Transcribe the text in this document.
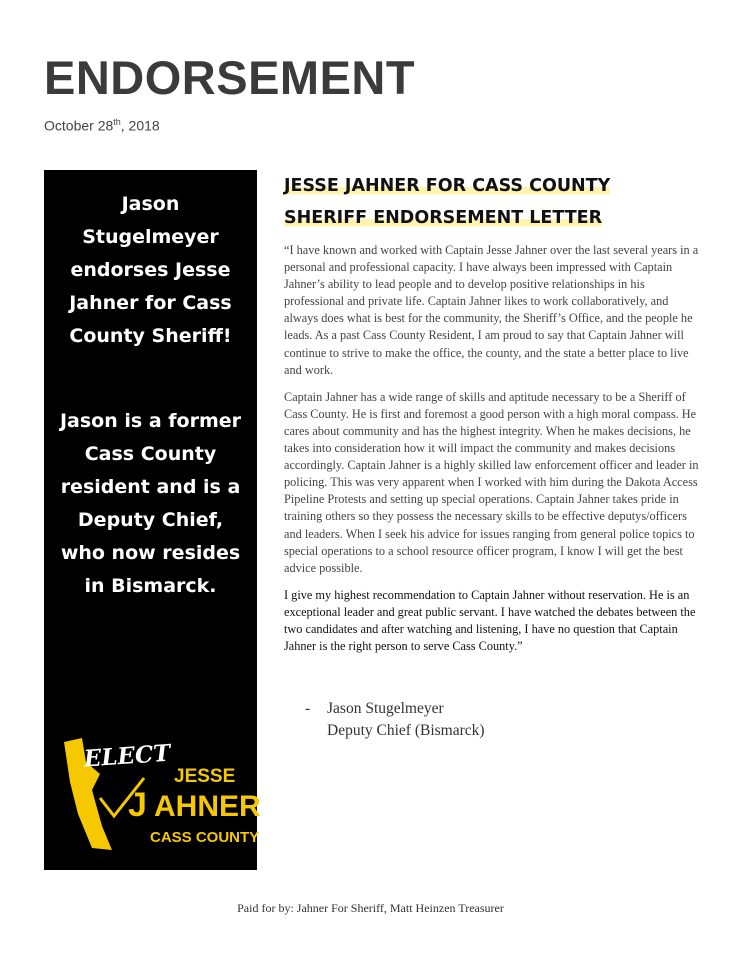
ENDORSEMENT
October 28th, 2018

Jason Stugelmeyer endorses Jesse Jahner for Cass County Sheriff!

Jason is a former Cass County resident and is a Deputy Chief, who now resides in Bismarck.

ELECT
JESSE
J AHNER
CASS COUNTY
JESSE JAHNER FOR CASS COUNTY
SHERIFF ENDORSEMENT LETTER

“I have known and worked with Captain Jesse Jahner over the last several years in a personal and professional capacity. I have always been impressed with Captain Jahner’s ability to lead people and to develop positive relationships in his professional and private life. Captain Jahner likes to work collaboratively, and always does what is best for the community, the Sheriff’s Office, and the people he leads. As a past Cass County Resident, I am proud to say that Captain Jahner will continue to strive to make the office, the county, and the state a better place to live and work.

Captain Jahner has a wide range of skills and aptitude necessary to be a Sheriff of Cass County. He is first and foremost a good person with a high moral compass. He cares about community and has the highest integrity. When he makes decisions, he takes into consideration how it will impact the community and makes decisions accordingly. Captain Jahner is a highly skilled law enforcement officer and leader in policing. This was very apparent when I worked with him during the Dakota Access Pipeline Protests and setting up special operations. Captain Jahner takes pride in training others so they possess the necessary skills to be effective deputys/officers and leaders. When I seek his advice for issues ranging from general police topics to special operations to a school resource officer program, I know I will get the best advice possible.

I give my highest recommendation to Captain Jahner without reservation. He is an exceptional leader and great public servant. I have watched the debates between the two candidates and after watching and listening, I have no question that Captain Jahner is the right person to serve Cass County.”

- Jason Stugelmeyer
Deputy Chief (Bismarck)
Paid for by: Jahner For Sheriff, Matt Heinzen Treasurer
